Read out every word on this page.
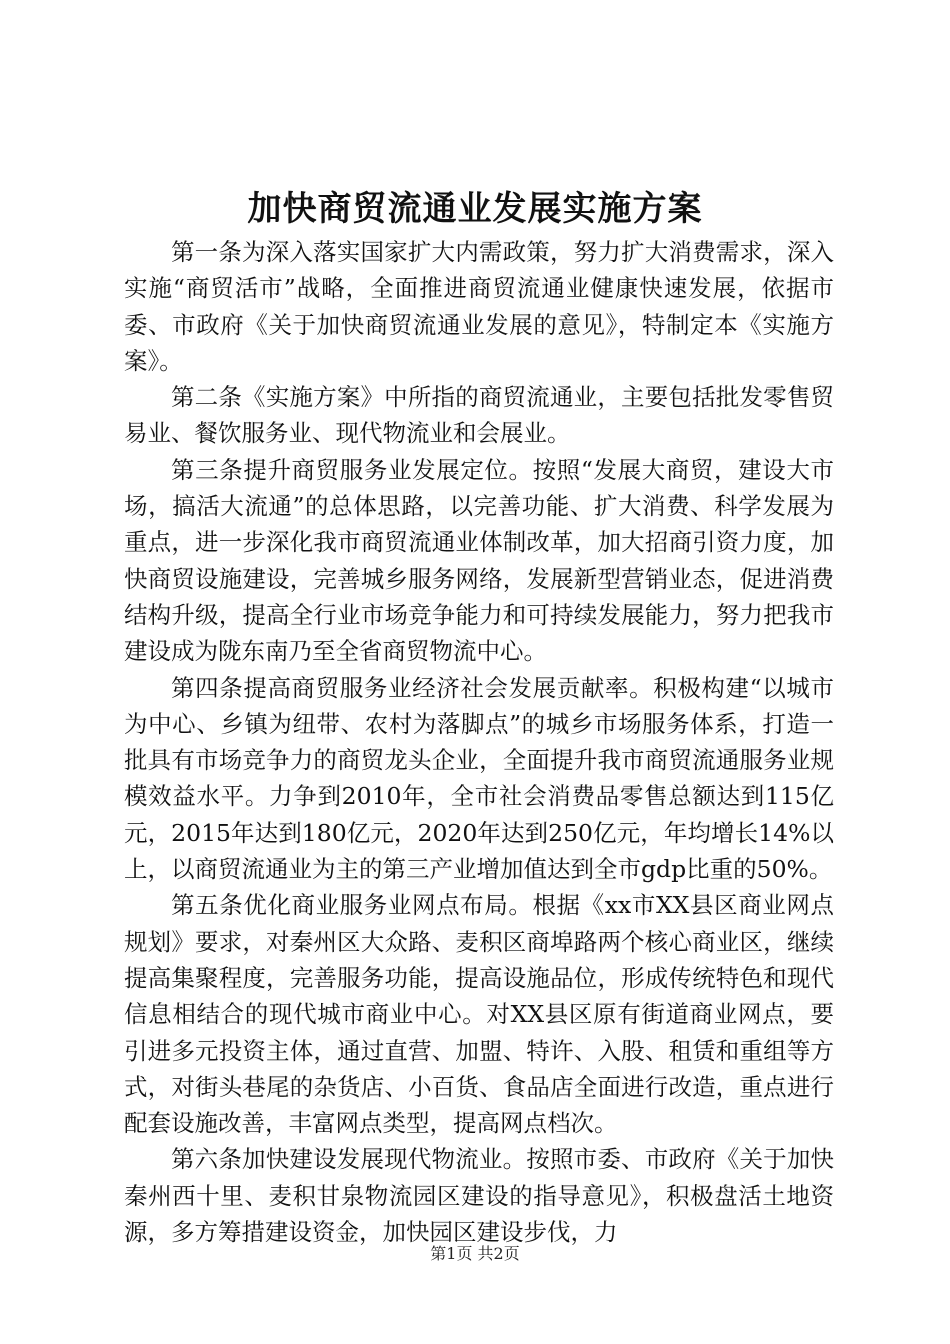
加快商贸流通业发展实施方案

第一条为深入落实国家扩大内需政策，努力扩大消费需求，深入实施“商贸活市”战略，全面推进商贸流通业健康快速发展，依据市委、市政府《关于加快商贸流通业发展的意见》，特制定本《实施方案》。

第二条《实施方案》中所指的商贸流通业，主要包括批发零售贸易业、餐饮服务业、现代物流业和会展业。

第三条提升商贸服务业发展定位。按照“发展大商贸，建设大市场，搞活大流通”的总体思路，以完善功能、扩大消费、科学发展为重点，进一步深化我市商贸流通业体制改革，加大招商引资力度，加快商贸设施建设，完善城乡服务网络，发展新型营销业态，促进消费结构升级，提高全行业市场竞争能力和可持续发展能力，努力把我市建设成为陇东南乃至全省商贸物流中心。

第四条提高商贸服务业经济社会发展贡献率。积极构建“以城市为中心、乡镇为纽带、农村为落脚点”的城乡市场服务体系，打造一批具有市场竞争力的商贸龙头企业，全面提升我市商贸流通服务业规模效益水平。力争到2010年，全市社会消费品零售总额达到115亿元，2015年达到180亿元，2020年达到250亿元，年均增长14%以上，以商贸流通业为主的第三产业增加值达到全市gdp比重的50%。

第五条优化商业服务业网点布局。根据《xx市XX县区商业网点规划》要求，对秦州区大众路、麦积区商埠路两个核心商业区，继续提高集聚程度，完善服务功能，提高设施品位，形成传统特色和现代信息相结合的现代城市商业中心。对XX县区原有街道商业网点，要引进多元投资主体，通过直营、加盟、特许、入股、租赁和重组等方式，对街头巷尾的杂货店、小百货、食品店全面进行改造，重点进行配套设施改善，丰富网点类型，提高网点档次。

第六条加快建设发展现代物流业。按照市委、市政府《关于加快秦州西十里、麦积甘泉物流园区建设的指导意见》，积极盘活土地资源，多方筹措建设资金，加快园区建设步伐，力

第1页 共2页
